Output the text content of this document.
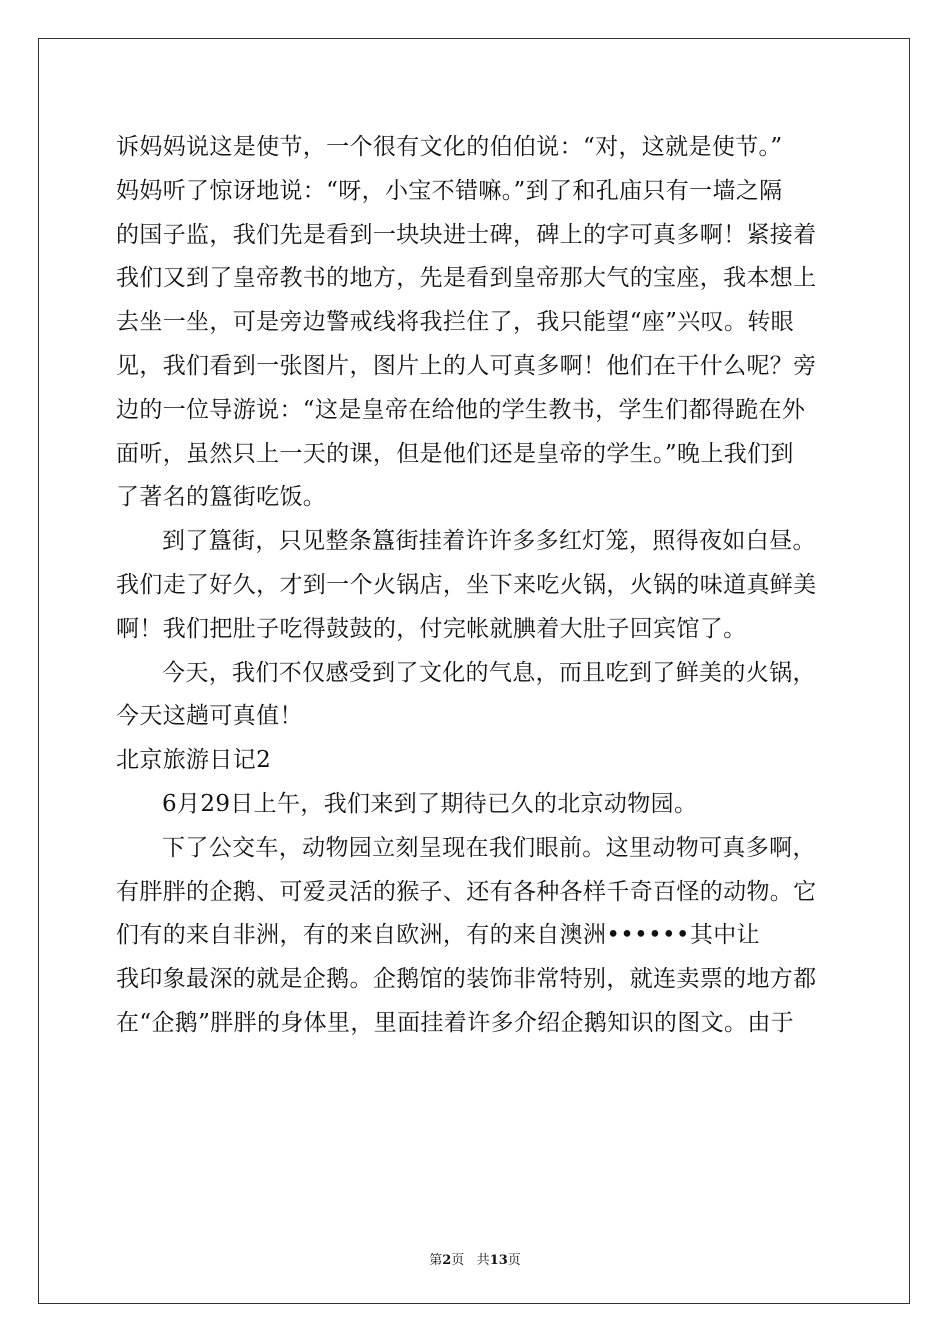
诉妈妈说这是使节，一个很有文化的伯伯说：“对，这就是使节。”
妈妈听了惊讶地说：“呀，小宝不错嘛。”到了和孔庙只有一墙之隔
的国子监，我们先是看到一块块进士碑，碑上的字可真多啊！紧接着
我们又到了皇帝教书的地方，先是看到皇帝那大气的宝座，我本想上
去坐一坐，可是旁边警戒线将我拦住了，我只能望“座”兴叹。转眼
见，我们看到一张图片，图片上的人可真多啊！他们在干什么呢？旁
边的一位导游说：“这是皇帝在给他的学生教书，学生们都得跪在外
面听，虽然只上一天的课，但是他们还是皇帝的学生。”晚上我们到
了著名的簋街吃饭。
到了簋街，只见整条簋街挂着许许多多红灯笼，照得夜如白昼。
我们走了好久，才到一个火锅店，坐下来吃火锅，火锅的味道真鲜美
啊！我们把肚子吃得鼓鼓的，付完帐就腆着大肚子回宾馆了。
今天，我们不仅感受到了文化的气息，而且吃到了鲜美的火锅，
今天这趟可真值！
北京旅游日记2
6月29日上午，我们来到了期待已久的北京动物园。
下了公交车，动物园立刻呈现在我们眼前。这里动物可真多啊，
有胖胖的企鹅、可爱灵活的猴子、还有各种各样千奇百怪的动物。它
们有的来自非洲，有的来自欧洲，有的来自澳洲••••••其中让
我印象最深的就是企鹅。企鹅馆的装饰非常特别，就连卖票的地方都
在“企鹅”胖胖的身体里，里面挂着许多介绍企鹅知识的图文。由于
第2页 共13页
